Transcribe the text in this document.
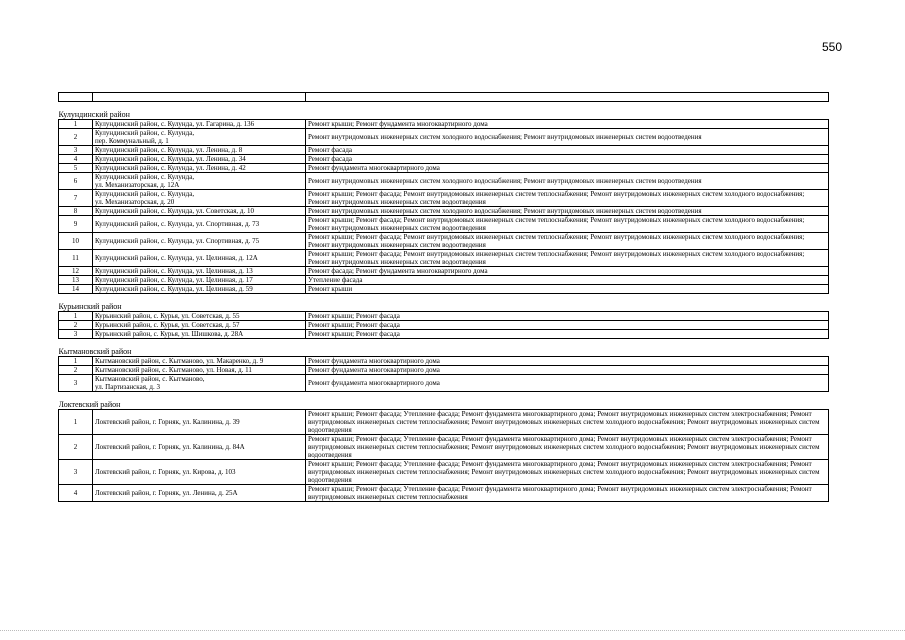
550

Кулундинский район		
1	Кулундинский район, с. Кулунда, ул. Гагарина, д. 136	Ремонт крыши; Ремонт фундамента многоквартирного дома
2	Кулундинский район, с. Кулунда,
пер. Коммунальный, д. 1	Ремонт внутридомовых инженерных систем холодного водоснабжения; Ремонт внутридомовых инженерных систем водоотведения
3	Кулундинский район, с. Кулунда, ул. Ленина, д. 8	Ремонт фасада
4	Кулундинский район, с. Кулунда, ул. Ленина, д. 34	Ремонт фасада
5	Кулундинский район, с. Кулунда, ул. Ленина, д. 42	Ремонт фундамента многоквартирного дома
6	Кулундинский район, с. Кулунда,
ул. Механизаторская, д. 12А	Ремонт внутридомовых инженерных систем холодного водоснабжения; Ремонт внутридомовых инженерных систем водоотведения
7	Кулундинский район, с. Кулунда,
ул. Механизаторская, д. 20	Ремонт крыши; Ремонт фасада; Ремонт внутридомовых инженерных систем теплоснабжения; Ремонт внутридомовых инженерных систем холодного водоснабжения; Ремонт внутридомовых инженерных систем водоотведения
8	Кулундинский район, с. Кулунда, ул. Советская, д. 10	Ремонт внутридомовых инженерных систем холодного водоснабжения; Ремонт внутридомовых инженерных систем водоотведения
9	Кулундинский район, с. Кулунда, ул. Спортивная, д. 73	Ремонт крыши; Ремонт фасада; Ремонт внутридомовых инженерных систем теплоснабжения; Ремонт внутридомовых инженерных систем холодного водоснабжения; Ремонт внутридомовых инженерных систем водоотведения
10	Кулундинский район, с. Кулунда, ул. Спортивная, д. 75	Ремонт крыши; Ремонт фасада; Ремонт внутридомовых инженерных систем теплоснабжения; Ремонт внутридомовых инженерных систем холодного водоснабжения; Ремонт внутридомовых инженерных систем водоотведения
11	Кулундинский район, с. Кулунда, ул. Целинная, д. 12А	Ремонт крыши; Ремонт фасада; Ремонт внутридомовых инженерных систем теплоснабжения; Ремонт внутридомовых инженерных систем холодного водоснабжения; Ремонт внутридомовых инженерных систем водоотведения
12	Кулундинский район, с. Кулунда, ул. Целинная, д. 13	Ремонт фасада; Ремонт фундамента многоквартирного дома
13	Кулундинский район, с. Кулунда, ул. Целинная, д. 17	Утепление фасада
14	Кулундинский район, с. Кулунда, ул. Целинная, д. 59	Ремонт крыши
Курьинский район		
1	Курьинский район, с. Курья, ул. Советская, д. 55	Ремонт крыши; Ремонт фасада
2	Курьинский район, с. Курья, ул. Советская, д. 57	Ремонт крыши; Ремонт фасада
3	Курьинский район, с. Курья, ул. Шишкова, д. 28А	Ремонт крыши; Ремонт фасада
Кытмановский район		
1	Кытмановский район, с. Кытманово, ул. Макаренко, д. 9	Ремонт фундамента многоквартирного дома
2	Кытмановский район, с. Кытманово, ул. Новая, д. 11	Ремонт фундамента многоквартирного дома
3	Кытмановский район, с. Кытманово,
ул. Партизанская, д. 3	Ремонт фундамента многоквартирного дома
Локтевский район		
1	Локтевский район, г. Горняк, ул. Калинина, д. 39	Ремонт крыши; Ремонт фасада; Утепление фасада; Ремонт фундамента многоквартирного дома; Ремонт внутридомовых инженерных систем электроснабжения; Ремонт внутридомовых инженерных систем теплоснабжения; Ремонт внутридомовых инженерных систем холодного водоснабжения; Ремонт внутридомовых инженерных систем водоотведения
2	Локтевский район, г. Горняк, ул. Калинина, д. 84А	Ремонт крыши; Ремонт фасада; Утепление фасада; Ремонт фундамента многоквартирного дома; Ремонт внутридомовых инженерных систем электроснабжения; Ремонт внутридомовых инженерных систем теплоснабжения; Ремонт внутридомовых инженерных систем холодного водоснабжения; Ремонт внутридомовых инженерных систем водоотведения
3	Локтевский район, г. Горняк, ул. Кирова, д. 103	Ремонт крыши; Ремонт фасада; Утепление фасада; Ремонт фундамента многоквартирного дома; Ремонт внутридомовых инженерных систем электроснабжения; Ремонт внутридомовых инженерных систем теплоснабжения; Ремонт внутридомовых инженерных систем холодного водоснабжения; Ремонт внутридомовых инженерных систем водоотведения
4	Локтевский район, г. Горняк, ул. Ленина, д. 25А	Ремонт крыши; Ремонт фасада; Утепление фасада; Ремонт фундамента многоквартирного дома; Ремонт внутридомовых инженерных систем электроснабжения; Ремонт внутридомовых инженерных систем теплоснабжения
